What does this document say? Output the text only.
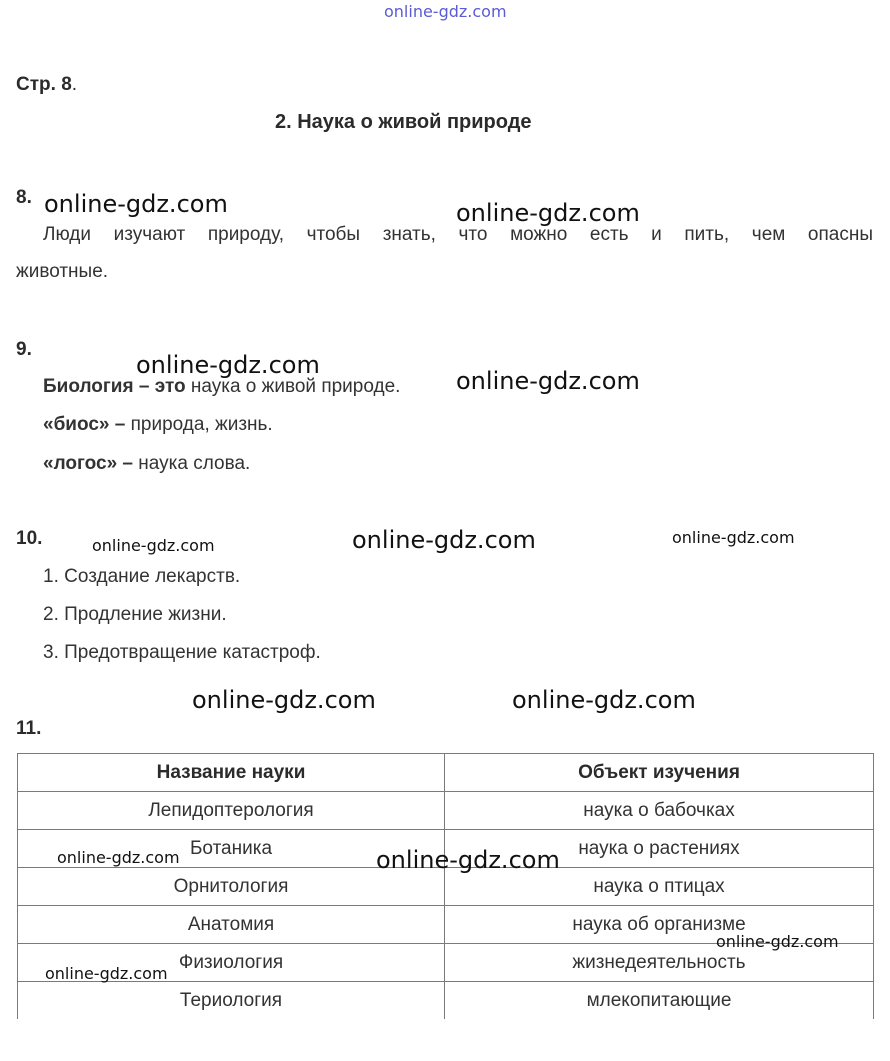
online-gdz.com
Стр. 8.
2. Наука о живой природе
8.
Люди изучают природу, чтобы знать, что можно есть и пить, чем опасны
животные.
9.
Биология – это наука о живой природе.
«биос» – природа, жизнь.
«логос» – наука слова.
10.
1. Создание лекарств.
2. Продление жизни.
3. Предотвращение катастроф.
11.
Название науки	Объект изучения
Лепидоптерология	наука о бабочках
Ботаника	наука о растениях
Орнитология	наука о птицах
Анатомия	наука об организме
Физиология	жизнедеятельность
Териология	млекопитающие
online-gdz.com	online-gdz.com
online-gdz.com
online-gdz.com
online-gdz.com	online-gdz.com	online-gdz.com
online-gdz.com	online-gdz.com
online-gdz.com	online-gdz.com
online-gdz.com
online-gdz.com
